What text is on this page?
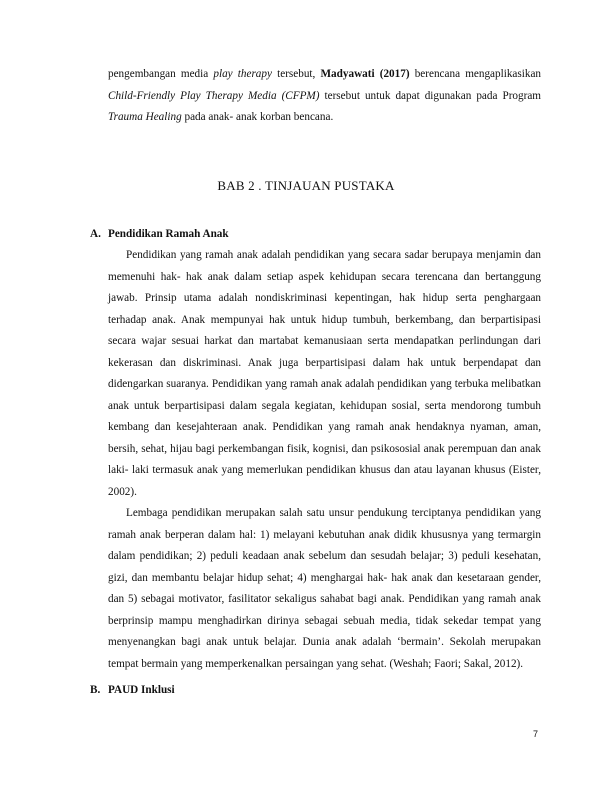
pengembangan media play therapy tersebut, Madyawati (2017) berencana mengaplikasikan Child-Friendly Play Therapy Media (CFPM) tersebut untuk dapat digunakan pada Program Trauma Healing pada anak- anak korban bencana.

BAB 2 . TINJAUAN PUSTAKA
A. Pendidikan Ramah Anak

Pendidikan yang ramah anak adalah pendidikan yang secara sadar berupaya menjamin dan memenuhi hak- hak anak dalam setiap aspek kehidupan secara terencana dan bertanggung jawab. Prinsip utama adalah nondiskriminasi kepentingan, hak hidup serta penghargaan terhadap anak. Anak mempunyai hak untuk hidup tumbuh, berkembang, dan berpartisipasi secara wajar sesuai harkat dan martabat kemanusiaan serta mendapatkan perlindungan dari kekerasan dan diskriminasi. Anak juga berpartisipasi dalam hak untuk berpendapat dan didengarkan suaranya. Pendidikan yang ramah anak adalah pendidikan yang terbuka melibatkan anak untuk berpartisipasi dalam segala kegiatan, kehidupan sosial, serta mendorong tumbuh kembang dan kesejahteraan anak. Pendidikan yang ramah anak hendaknya nyaman, aman, bersih, sehat, hijau bagi perkembangan fisik, kognisi, dan psikososial anak perempuan dan anak laki- laki termasuk anak yang memerlukan pendidikan khusus dan atau layanan khusus (Eister, 2002).

Lembaga pendidikan merupakan salah satu unsur pendukung terciptanya pendidikan yang ramah anak berperan dalam hal: 1) melayani kebutuhan anak didik khususnya yang termargin dalam pendidikan; 2) peduli keadaan anak sebelum dan sesudah belajar; 3) peduli kesehatan, gizi, dan membantu belajar hidup sehat; 4) menghargai hak- hak anak dan kesetaraan gender, dan 5) sebagai motivator, fasilitator sekaligus sahabat bagi anak. Pendidikan yang ramah anak berprinsip mampu menghadirkan dirinya sebagai sebuah media, tidak sekedar tempat yang menyenangkan bagi anak untuk belajar. Dunia anak adalah ‘bermain’. Sekolah merupakan tempat bermain yang memperkenalkan persaingan yang sehat. (Weshah; Faori; Sakal, 2012).

B. PAUD Inklusi
7
